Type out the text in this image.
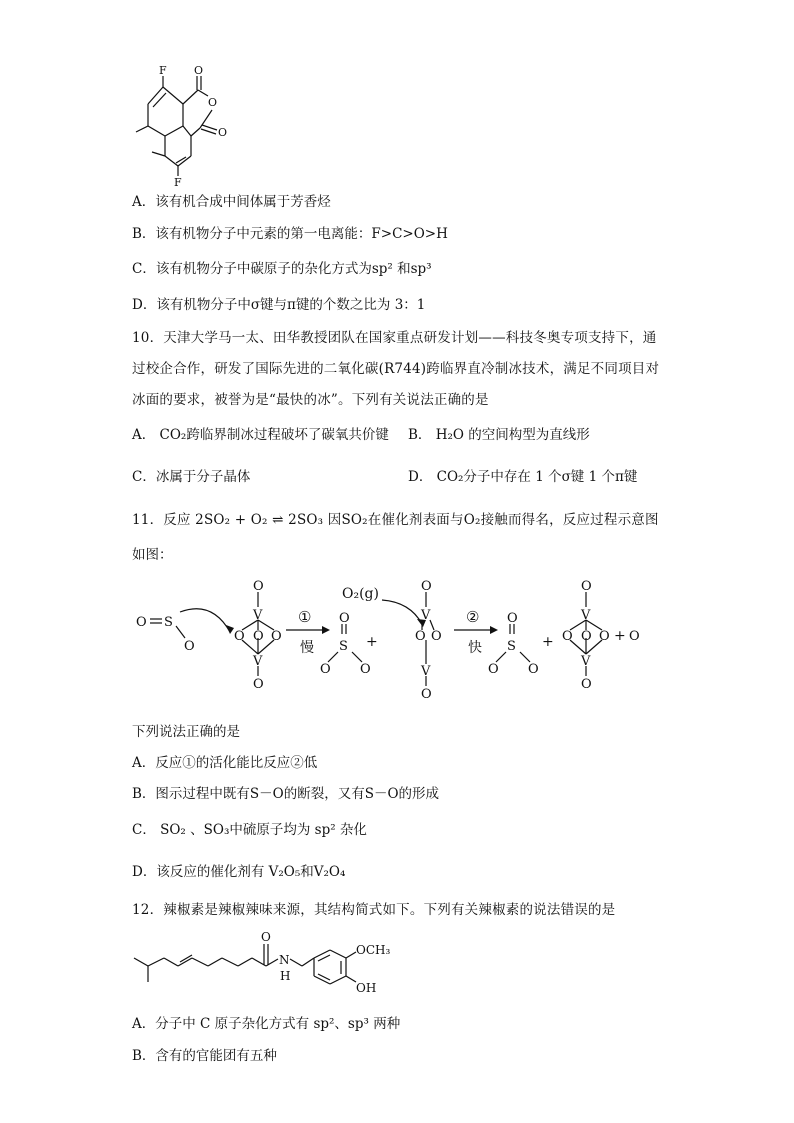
F
F
O
O
O
A．该有机合成中间体属于芳香烃
B．该有机物分子中元素的第一电离能：F>C>O>H
C．该有机物分子中碳原子的杂化方式为sp² 和sp³
D．该有机物分子中σ键与π键的个数之比为 3：1
10．天津大学马一太、田华教授团队在国家重点研发计划——科技冬奥专项支持下，通
过校企合作，研发了国际先进的二氧化碳(R744)跨临界直冷制冰技术，满足不同项目对
冰面的要求，被誉为是“最快的冰”。下列有关说法正确的是
A． CO₂跨临界制冰过程破坏了碳氧共价键 B． H₂O 的空间构型为直线形
C．冰属于分子晶体	D． CO₂分子中存在 1 个σ键 1 个π键
11．反应 2SO₂ + O₂ ⇌ 2SO₃ 因SO₂在催化剂表面与O₂接触而得名，反应过程示意图
如图：
O S
O
O
V
O O O
V
O
①
慢
O
S
O O
+
O₂(g)	O
V
O O
V
O
②
快
O
S
O O
+
O
V
O O O
V
O
+ O
下列说法正确的是
A．反应①的活化能比反应②低
B．图示过程中既有S－O的断裂，又有S－O的形成
C． SO₂ 、SO₃中硫原子均为 sp² 杂化
D．该反应的催化剂有 V₂O₅和V₂O₄
12．辣椒素是辣椒辣味来源，其结构简式如下。下列有关辣椒素的说法错误的是
O
N
H
OCH₃
OH
A．分子中 C 原子杂化方式有 sp²、sp³ 两种
B．含有的官能团有五种
